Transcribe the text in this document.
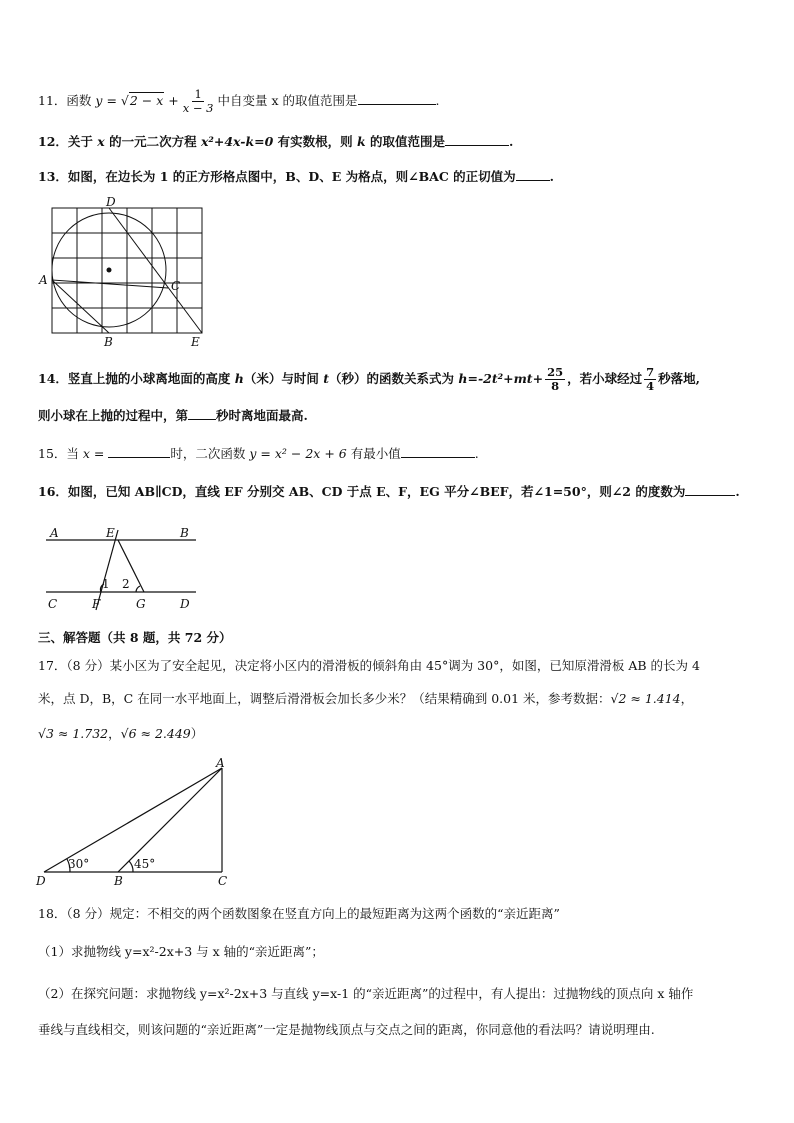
11．函数 $y = √2 - x + \frac{1}{x - 3}$ 中自变量 x 的取值范围是	.
12．关于 x 的一元二次方程 x²+4x-k=0 有实数根，则 k 的取值范围是	.
13．如图，在边长为 1 的正方形格点图中，B、D、E 为格点，则∠BAC 的正切值为	.
D
A	C
B	E
14．竖直上抛的小球离地面的高度 h（米）与时间 t（秒）的函数关系式为 $h=-2t^2+mt+ \frac{25}{8}$ ，若小球经过 $\frac{7}{4}$ 秒落地,
则小球在上抛的过程中，第 秒时离地面最高.
15．当 x =	时，二次函数 y = x² − 2x + 6 有最小值	.
16．如图，已知 AB∥CD，直线 EF 分别交 AB、CD 于点 E、F，EG 平分∠BEF，若∠1=50°，则∠2 的度数为	.
A	E	B
1 2
C	F	G	D
三、解答题（共 8 题，共 72 分）
17．（8 分）某小区为了安全起见，决定将小区内的滑滑板的倾斜角由 45°调为 30°，如图，已知原滑滑板 AB 的长为 4
米，点 D，B，C 在同一水平地面上，调整后滑滑板会加长多少米？（结果精确到 0.01 米，参考数据：√2 ≈ 1.414，
√3 ≈ 1.732，√6 ≈ 2.449）
A
30°	45°
D	B	C
18．（8 分）规定：不相交的两个函数图象在竖直方向上的最短距离为这两个函数的“亲近距离”
（1）求抛物线 y=x²-2x+3 与 x 轴的“亲近距离”；
（2）在探究问题：求抛物线 y=x²-2x+3 与直线 y=x-1 的“亲近距离”的过程中，有人提出：过抛物线的顶点向 x 轴作
垂线与直线相交，则该问题的“亲近距离”一定是抛物线顶点与交点之间的距离，你同意他的看法吗？请说明理由.
